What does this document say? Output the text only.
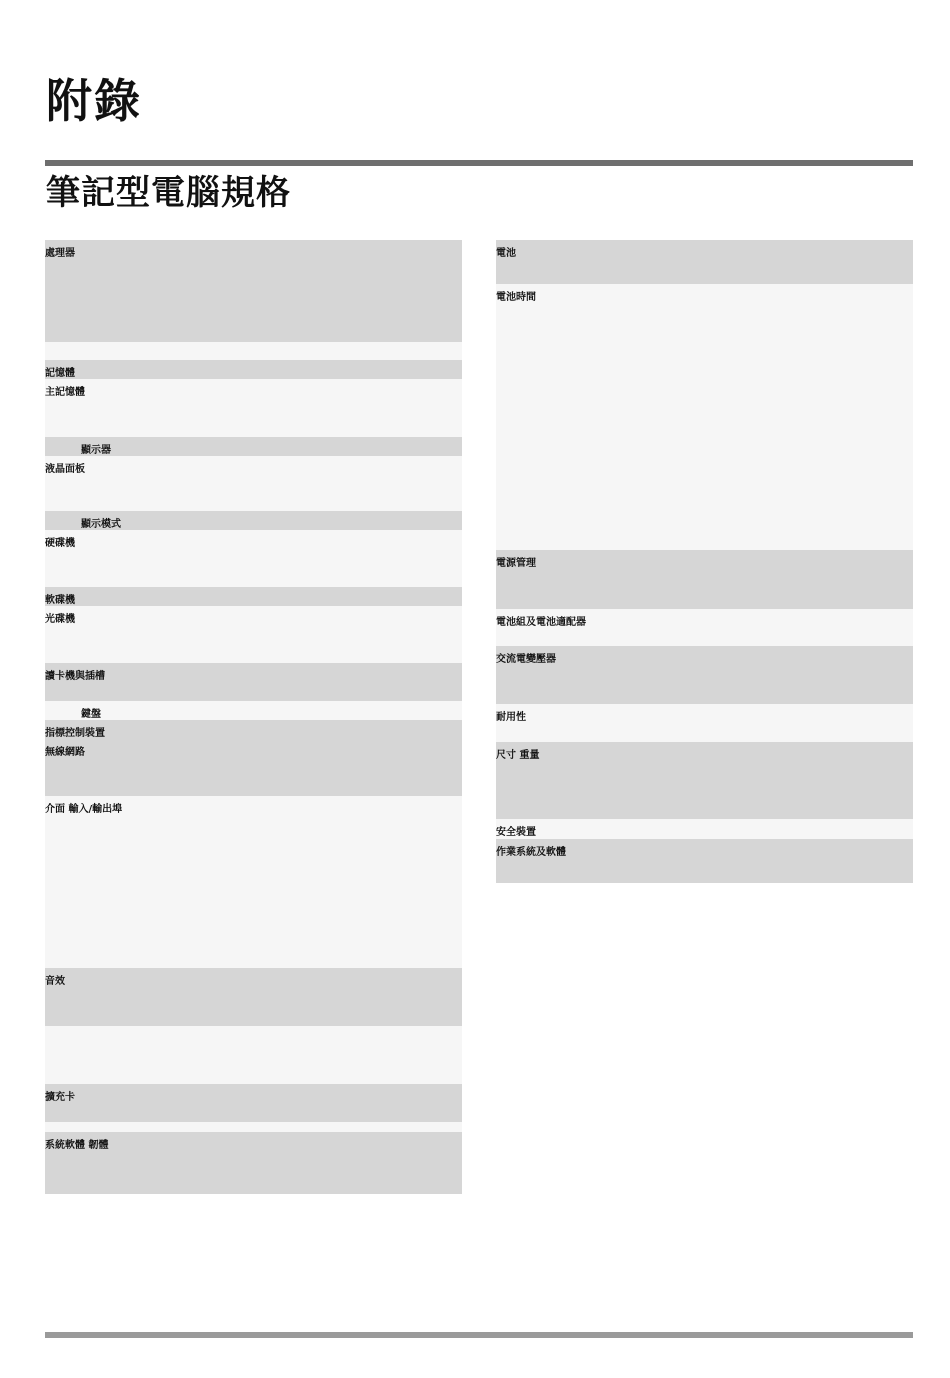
附錄
筆記型電腦規格
處理器
記憶體
主記憶體
顯示器
液晶面板
顯示模式
硬碟機
軟碟機
光碟機
讀卡機與插槽
鍵盤
指標控制裝置
無線網路
介面 輸入/輸出埠
音效
擴充卡
系統軟體 韌體
電池
電池時間
電源管理
電池組及電池適配器
交流電變壓器
耐用性
尺寸 重量
安全裝置
作業系統及軟體
